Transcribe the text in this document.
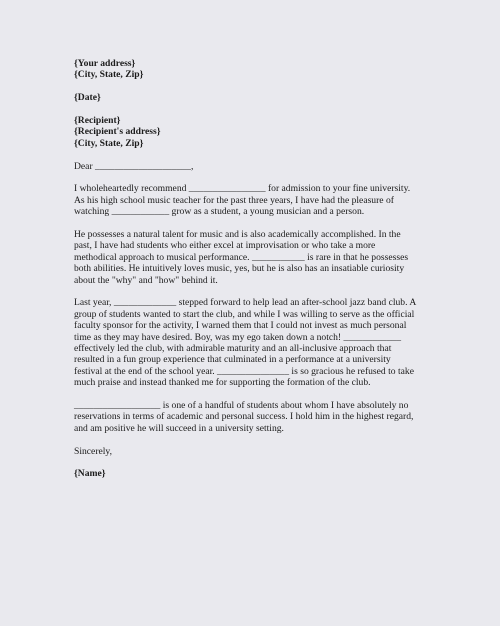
{Your address}
{City, State, Zip}
{Date}
{Recipient}
{Recipient's address}
{City, State, Zip}
Dear ____________________,

I wholeheartedly recommend ________________ for admission to your fine university.
As his high school music teacher for the past three years, I have had the pleasure of
watching ____________ grow as a student, a young musician and a person.

He possesses a natural talent for music and is also academically accomplished. In the
past, I have had students who either excel at improvisation or who take a more
methodical approach to musical performance. ___________ is rare in that he possesses
both abilities. He intuitively loves music, yes, but he is also has an insatiable curiosity
about the "why" and "how" behind it.

Last year, _____________ stepped forward to help lead an after-school jazz band club. A
group of students wanted to start the club, and while I was willing to serve as the official
faculty sponsor for the activity, I warned them that I could not invest as much personal
time as they may have desired. Boy, was my ego taken down a notch! ____________
effectively led the club, with admirable maturity and an all-inclusive approach that
resulted in a fun group experience that culminated in a performance at a university
festival at the end of the school year. _______________ is so gracious he refused to take
much praise and instead thanked me for supporting the formation of the club.

__________________ is one of a handful of students about whom I have absolutely no
reservations in terms of academic and personal success. I hold him in the highest regard,
and am positive he will succeed in a university setting.

Sincerely,
{Name}
